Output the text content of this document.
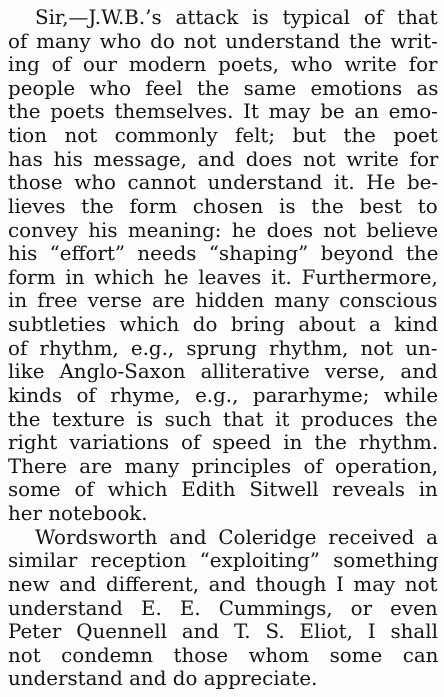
Sir,—J.W.B.’s attack is typical of that
of many who do not understand the writ-
ing of our modern poets, who write for
people who feel the same emotions as
the poets themselves. It may be an emo-
tion not commonly felt; but the poet
has his message, and does not write for
those who cannot understand it. He be-
lieves the form chosen is the best to
convey his meaning: he does not believe
his “effort” needs “shaping” beyond the
form in which he leaves it. Furthermore,
in free verse are hidden many conscious
subtleties which do bring about a kind
of rhythm, e.g., sprung rhythm, not un-
like Anglo-Saxon alliterative verse, and
kinds of rhyme, e.g., pararhyme; while
the texture is such that it produces the
right variations of speed in the rhythm.
There are many principles of operation,
some of which Edith Sitwell reveals in
her notebook.
Wordsworth and Coleridge received a
similar reception “exploiting” something
new and different, and though I may not
understand E. E. Cummings, or even
Peter Quennell and T. S. Eliot, I shall
not condemn those whom some can
understand and do appreciate.
